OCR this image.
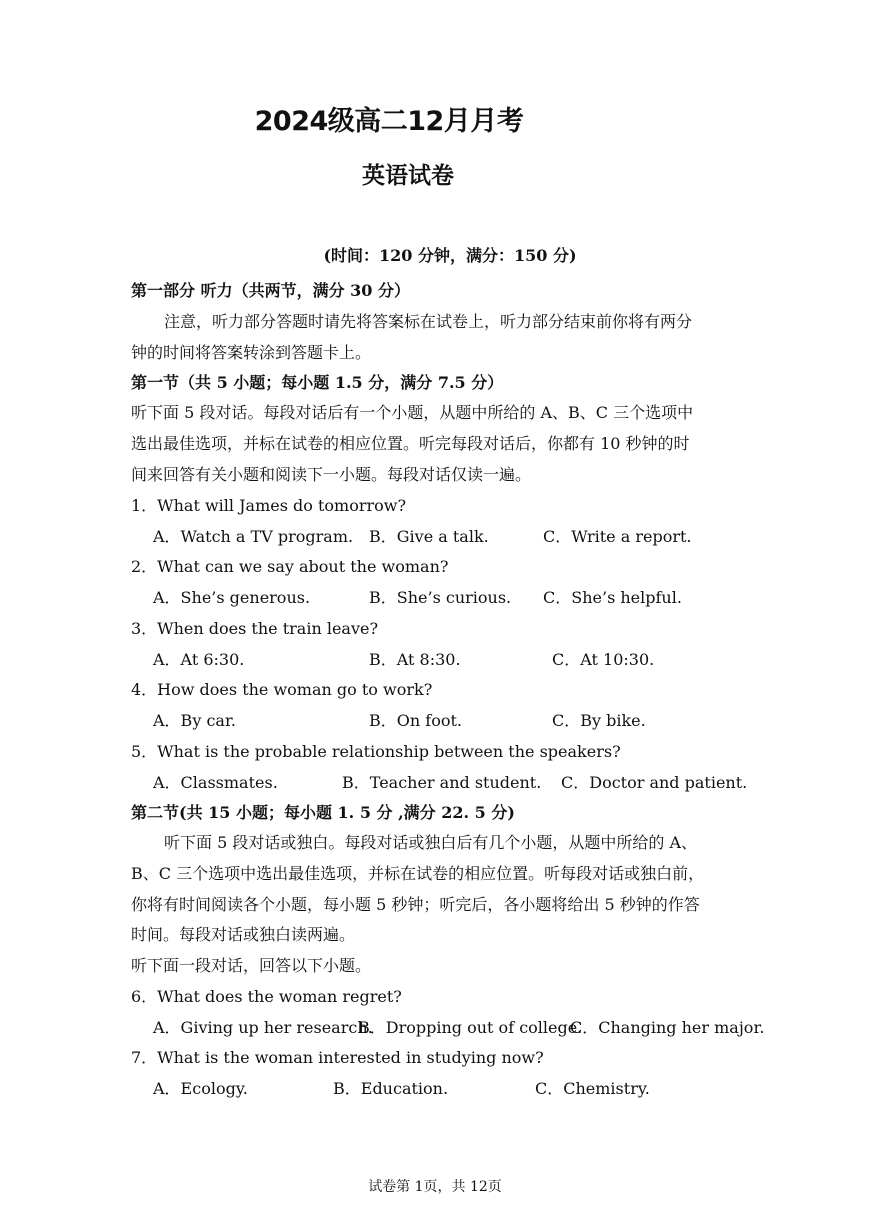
2024级高二12月月考
英语试卷
(时间：120 分钟，满分：150 分)
第一部分 听力（共两节，满分 30 分）
注意，听力部分答题时请先将答案标在试卷上，听力部分结束前你将有两分
钟的时间将答案转涂到答题卡上。
第一节（共 5 小题；每小题 1.5 分，满分 7.5 分）
听下面 5 段对话。每段对话后有一个小题，从题中所给的 A、B、C 三个选项中
选出最佳选项，并标在试卷的相应位置。听完每段对话后，你都有 10 秒钟的时
间来回答有关小题和阅读下一小题。每段对话仅读一遍。
1．What will James do tomorrow?
A．Watch a TV program. B．Give a talk.	C．Write a report.
2．What can we say about the woman?
A．She’s generous.	B．She’s curious. C．She’s helpful.
3．When does the train leave?
A．At 6:30.	B．At 8:30.	C．At 10:30.
4．How does the woman go to work?
A．By car.	B．On foot.	C．By bike.
5．What is the probable relationship between the speakers?
A．Classmates.	B．Teacher and student. C．Doctor and patient.
第二节(共 15 小题；每小题 1. 5 分 ,满分 22. 5 分)
听下面 5 段对话或独白。每段对话或独白后有几个小题，从题中所给的 A、
B、C 三个选项中选出最佳选项，并标在试卷的相应位置。听每段对话或独白前，
你将有时间阅读各个小题，每小题 5 秒钟；听完后，各小题将给出 5 秒钟的作答
时间。每段对话或独白读两遍。
听下面一段对话，回答以下小题。
6．What does the woman regret?
A．Giving up her research.
B．Dropping out of college.
C．Changing her major.
7．What is the woman interested in studying now?
A．Ecology.	B．Education.	C．Chemistry.
试卷第 1页，共 12页
